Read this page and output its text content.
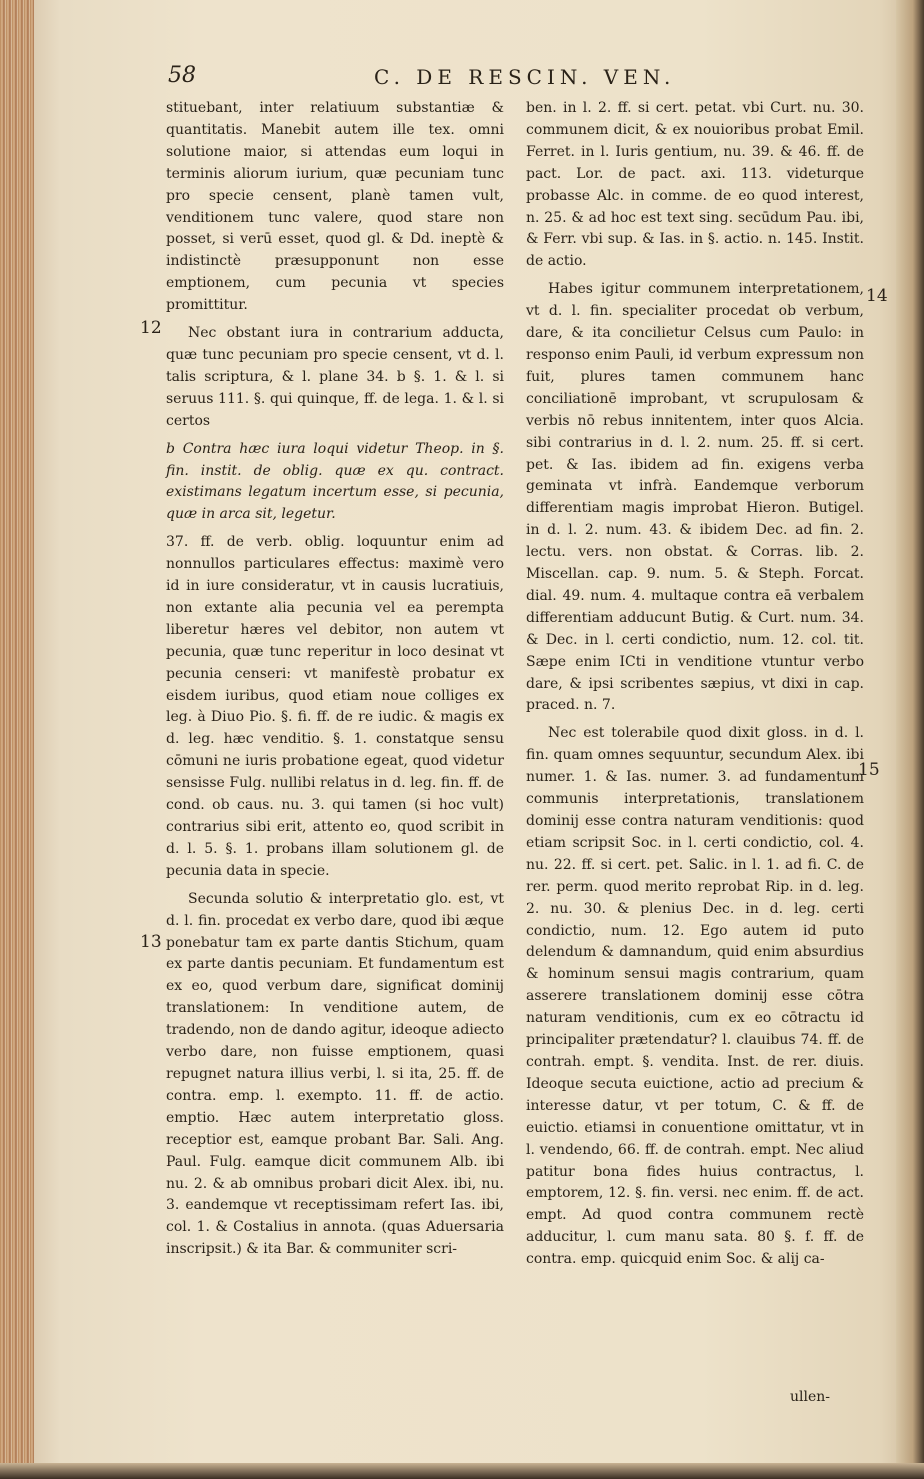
58	C. DE RESCIN. VEN.
12
13
14
15

stituebant, inter relatiuum substantiæ & quantitatis. Manebit autem ille tex. omni solutione maior, si attendas eum loqui in terminis aliorum iurium, quæ pecuniam tunc pro specie censent, planè tamen vult, venditionem tunc valere, quod stare non posset, si verū esset, quod gl. & Dd. ineptè & indistinctè præsupponunt non esse emptionem, cum pecunia vt species promittitur.

Nec obstant iura in contrarium adducta, quæ tunc pecuniam pro specie censent, vt d. l. talis scriptura, & l. plane 34. b §. 1. & l. si seruus 111. §. qui quinque, ff. de lega. 1. & l. si certos

b Contra hæc iura loqui videtur Theop. in §. fin. instit. de oblig. quæ ex qu. contract. existimans legatum incertum esse, si pecunia, quæ in arca sit, legetur.

37. ff. de verb. oblig. loquuntur enim ad nonnullos particulares effectus: maximè vero id in iure consideratur, vt in causis lucratiuis, non extante alia pecunia vel ea perempta liberetur hæres vel debitor, non autem vt pecunia, quæ tunc reperitur in loco desinat vt pecunia censeri: vt manifestè probatur ex eisdem iuribus, quod etiam noue colliges ex leg. à Diuo Pio. §. fi. ff. de re iudic. & magis ex d. leg. hæc venditio. §. 1. constatque sensu cōmuni ne iuris probatione egeat, quod videtur sensisse Fulg. nullibi relatus in d. leg. fin. ff. de cond. ob caus. nu. 3. qui tamen (si hoc vult) contrarius sibi erit, attento eo, quod scribit in d. l. 5. §. 1. probans illam solutionem gl. de pecunia data in specie.

Secunda solutio & interpretatio glo. est, vt d. l. fin. procedat ex verbo dare, quod ibi æque ponebatur tam ex parte dantis Stichum, quam ex parte dantis pecuniam. Et fundamentum est ex eo, quod verbum dare, significat dominij translationem: In venditione autem, de tradendo, non de dando agitur, ideoque adiecto verbo dare, non fuisse emptionem, quasi repugnet natura illius verbi, l. si ita, 25. ff. de contra. emp. l. exempto. 11. ff. de actio. emptio. Hæc autem interpretatio gloss. receptior est, eamque probant Bar. Sali. Ang. Paul. Fulg. eamque dicit communem Alb. ibi nu. 2. & ab omnibus probari dicit Alex. ibi, nu. 3. eandemque vt receptissimam refert Ias. ibi, col. 1. & Costalius in annota. (quas Aduersaria inscripsit.) & ita Bar. & communiter scri-

ben. in l. 2. ff. si cert. petat. vbi Curt. nu. 30. communem dicit, & ex nouioribus probat Emil. Ferret. in l. Iuris gentium, nu. 39. & 46. ff. de pact. Lor. de pact. axi. 113. videturque probasse Alc. in comme. de eo quod interest, n. 25. & ad hoc est text sing. secūdum Pau. ibi, & Ferr. vbi sup. & Ias. in §. actio. n. 145. Instit. de actio.

Habes igitur communem interpretationem, vt d. l. fin. specialiter procedat ob verbum, dare, & ita concilietur Celsus cum Paulo: in responso enim Pauli, id verbum expressum non fuit, plures tamen communem hanc conciliationē improbant, vt scrupulosam & verbis nō rebus innitentem, inter quos Alcia. sibi contrarius in d. l. 2. num. 25. ff. si cert. pet. & Ias. ibidem ad fin. exigens verba geminata vt infrà. Eandemque verborum differentiam magis improbat Hieron. Butigel. in d. l. 2. num. 43. & ibidem Dec. ad fin. 2. lectu. vers. non obstat. & Corras. lib. 2. Miscellan. cap. 9. num. 5. & Steph. Forcat. dial. 49. num. 4. multaque contra eā verbalem differentiam adducunt Butig. & Curt. num. 34. & Dec. in l. certi condictio, num. 12. col. tit. Sæpe enim ICti in venditione vtuntur verbo dare, & ipsi scribentes sæpius, vt dixi in cap. praced. n. 7.

Nec est tolerabile quod dixit gloss. in d. l. fin. quam omnes sequuntur, secundum Alex. ibi numer. 1. & Ias. numer. 3. ad fundamentum communis interpretationis, translationem dominij esse contra naturam venditionis: quod etiam scripsit Soc. in l. certi condictio, col. 4. nu. 22. ff. si cert. pet. Salic. in l. 1. ad fi. C. de rer. perm. quod merito reprobat Rip. in d. leg. 2. nu. 30. & plenius Dec. in d. leg. certi condictio, num. 12. Ego autem id puto delendum & damnandum, quid enim absurdius & hominum sensui magis contrarium, quam asserere translationem dominij esse cōtra naturam venditionis, cum ex eo cōtractu id principaliter prætendatur? l. clauibus 74. ff. de contrah. empt. §. vendita. Inst. de rer. diuis. Ideoque secuta euictione, actio ad precium & interesse datur, vt per totum, C. & ff. de euictio. etiamsi in conuentione omittatur, vt in l. vendendo, 66. ff. de contrah. empt. Nec aliud patitur bona fides huius contractus, l. emptorem, 12. §. fin. versi. nec enim. ff. de act. empt. Ad quod contra communem rectè adducitur, l. cum manu sata. 80 §. f. ff. de contra. emp. quicquid enim Soc. & alij ca-

ullen-
